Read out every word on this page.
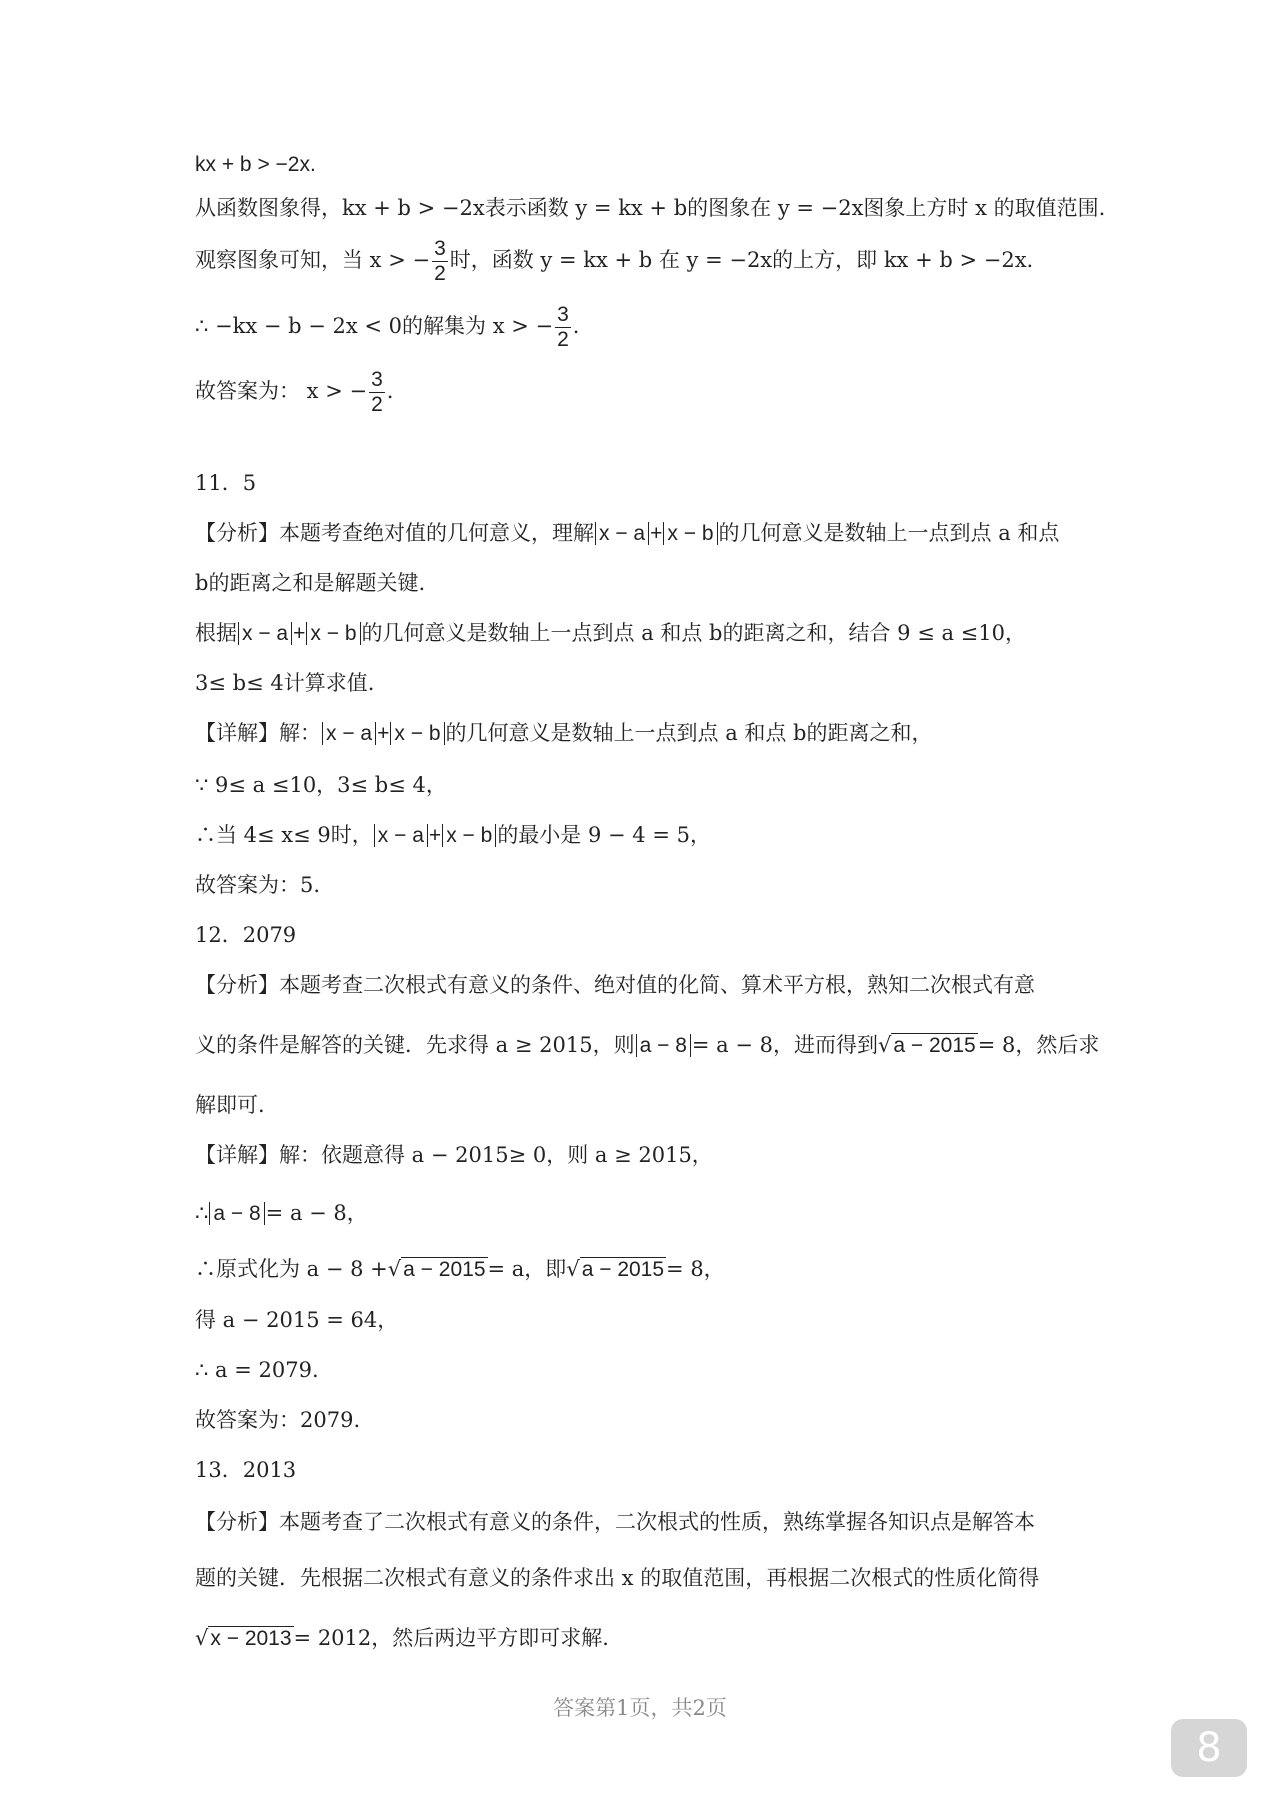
kx + b > −2x.

从函数图象得，kx + b > −2x表示函数 y = kx + b的图象在 y = −2x图象上方时 x 的取值范围.

观察图象可知，当 x > − $\frac{3}{2}$ 时，函数 y = kx + b 在 y = −2x的上方，即 kx + b > −2x.

∴ −kx − b − 2x < 0的解集为 x > − $\frac{3}{2}$ .

故答案为： x > − $\frac{3}{2}$ .

11．5

【分析】本题考查绝对值的几何意义，理解 x − a + x − b 的几何意义是数轴上一点到点 a 和点

b的距离之和是解题关键.

根据 x − a + x − b 的几何意义是数轴上一点到点 a 和点 b的距离之和，结合 9 ≤ a ≤10，

3≤ b≤ 4计算求值.

【详解】解： x − a + x − b 的几何意义是数轴上一点到点 a 和点 b的距离之和，

∵ 9≤ a ≤10，3≤ b≤ 4，

∴当 4≤ x≤ 9时， x − a + x − b 的最小是 9 − 4 = 5，

故答案为：5.

12．2079

【分析】本题考查二次根式有意义的条件、绝对值的化简、算术平方根，熟知二次根式有意

义的条件是解答的关键．先求得 a ≥ 2015，则 a − 8 = a − 8，进而得到√a − 2015= 8，然后求

解即可.

【详解】解：依题意得 a − 2015≥ 0，则 a ≥ 2015，

∴ a − 8 = a − 8，

∴原式化为 a − 8 +√a − 2015= a，即√a − 2015= 8，

得 a − 2015 = 64，

∴ a = 2079.

故答案为：2079.

13．2013

【分析】本题考查了二次根式有意义的条件，二次根式的性质，熟练掌握各知识点是解答本

题的关键．先根据二次根式有意义的条件求出 x 的取值范围，再根据二次根式的性质化简得

√x − 2013= 2012，然后两边平方即可求解.

答案第1页，共2页
8
